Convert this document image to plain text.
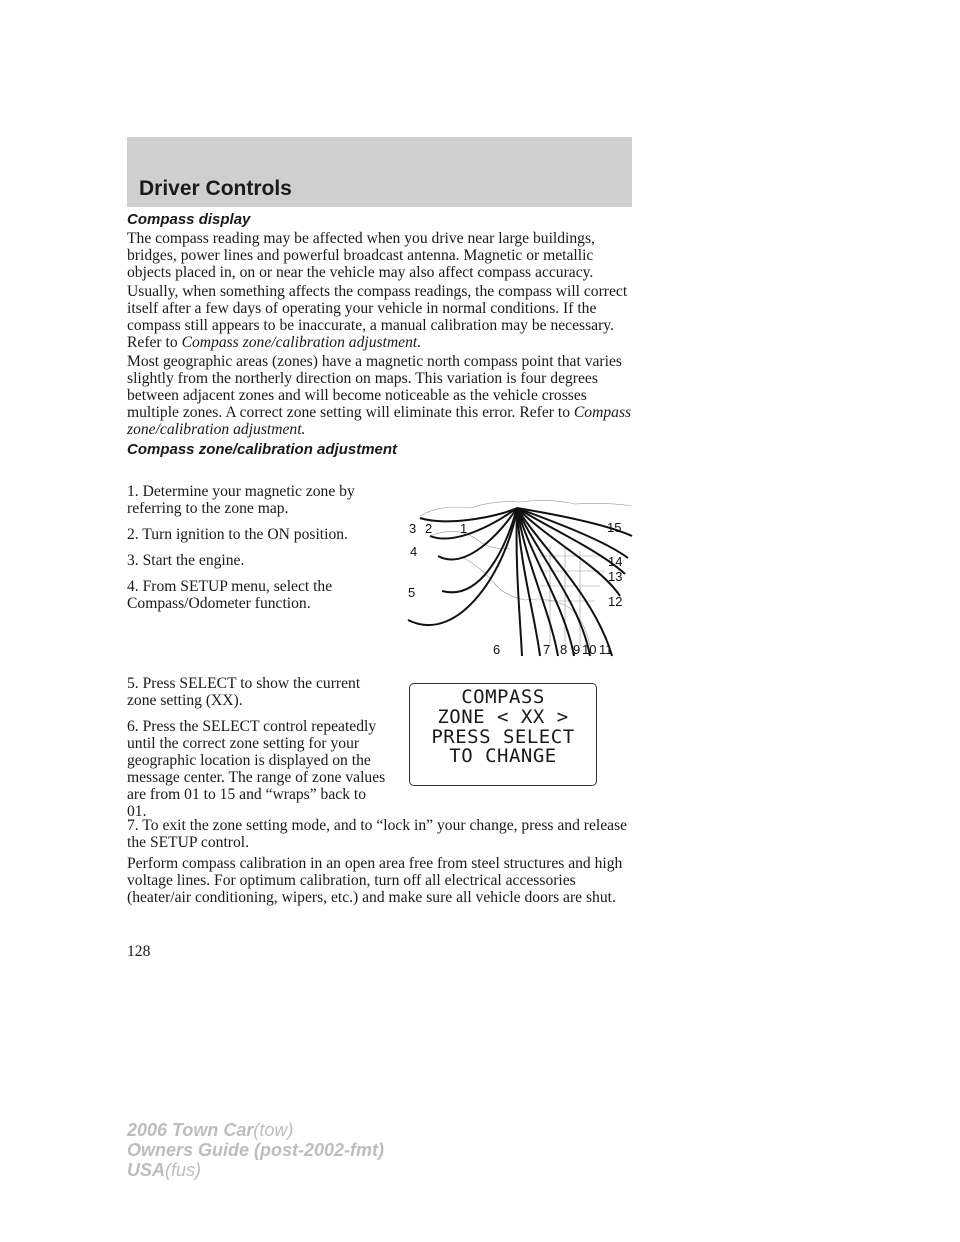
Driver Controls

Compass display

The compass reading may be affected when you drive near large buildings, bridges, power lines and powerful broadcast antenna. Magnetic or metallic objects placed in, on or near the vehicle may also affect compass accuracy.

Usually, when something affects the compass readings, the compass will correct itself after a few days of operating your vehicle in normal conditions. If the compass still appears to be inaccurate, a manual calibration may be necessary. Refer to Compass zone/calibration adjustment.

Most geographic areas (zones) have a magnetic north compass point that varies slightly from the northerly direction on maps. This variation is four degrees between adjacent zones and will become noticeable as the vehicle crosses multiple zones. A correct zone setting will eliminate this error. Refer to Compass zone/calibration adjustment.

Compass zone/calibration adjustment

1. Determine your magnetic zone by referring to the zone map.

2. Turn ignition to the ON position.

3. Start the engine.

4. From SETUP menu, select the Compass/Odometer function.

5. Press SELECT to show the current zone setting (XX).

6. Press the SELECT control repeatedly until the correct zone setting for your geographic location is displayed on the message center. The range of zone values are from 01 to 15 and “wraps” back to 01.

7. To exit the zone setting mode, and to “lock in” your change, press and release the SETUP control.

Perform compass calibration in an open area free from steel structures and high voltage lines. For optimum calibration, turn off all electrical accessories (heater/air conditioning, wipers, etc.) and make sure all vehicle doors are shut.

1
2
3
4
5
6	7 8 9 10 11
12
13
14
15
COMPASS
ZONE < XX >
PRESS SELECT
TO CHANGE
128
2006 Town Car(tow)
Owners Guide (post-2002-fmt)
USA(fus)
